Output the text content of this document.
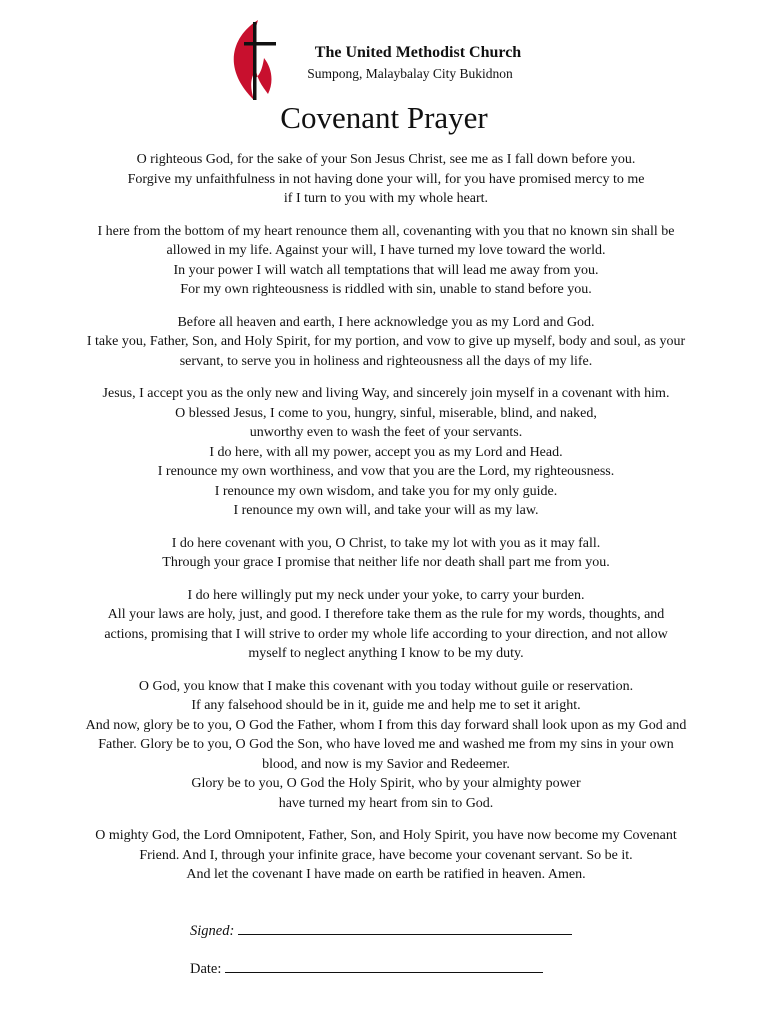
The United Methodist Church
Sumpong, Malaybalay City Bukidnon
Covenant Prayer
O righteous God, for the sake of your Son Jesus Christ, see me as I fall down before you.
Forgive my unfaithfulness in not having done your will, for you have promised mercy to me
if I turn to you with my whole heart.
I here from the bottom of my heart renounce them all, covenanting with you that no known sin shall be
allowed in my life. Against your will, I have turned my love toward the world.
In your power I will watch all temptations that will lead me away from you.
For my own righteousness is riddled with sin, unable to stand before you.
Before all heaven and earth, I here acknowledge you as my Lord and God.
I take you, Father, Son, and Holy Spirit, for my portion, and vow to give up myself, body and soul, as your
servant, to serve you in holiness and righteousness all the days of my life.
Jesus, I accept you as the only new and living Way, and sincerely join myself in a covenant with him.
O blessed Jesus, I come to you, hungry, sinful, miserable, blind, and naked,
unworthy even to wash the feet of your servants.
I do here, with all my power, accept you as my Lord and Head.
I renounce my own worthiness, and vow that you are the Lord, my righteousness.
I renounce my own wisdom, and take you for my only guide.
I renounce my own will, and take your will as my law.
I do here covenant with you, O Christ, to take my lot with you as it may fall.
Through your grace I promise that neither life nor death shall part me from you.
I do here willingly put my neck under your yoke, to carry your burden.
All your laws are holy, just, and good. I therefore take them as the rule for my words, thoughts, and
actions, promising that I will strive to order my whole life according to your direction, and not allow
myself to neglect anything I know to be my duty.
O God, you know that I make this covenant with you today without guile or reservation.
If any falsehood should be in it, guide me and help me to set it aright.
And now, glory be to you, O God the Father, whom I from this day forward shall look upon as my God and
Father. Glory be to you, O God the Son, who have loved me and washed me from my sins in your own
blood, and now is my Savior and Redeemer.
Glory be to you, O God the Holy Spirit, who by your almighty power
have turned my heart from sin to God.
O mighty God, the Lord Omnipotent, Father, Son, and Holy Spirit, you have now become my Covenant
Friend. And I, through your infinite grace, have become your covenant servant. So be it.
And let the covenant I have made on earth be ratified in heaven. Amen.
Signed:
Date:
